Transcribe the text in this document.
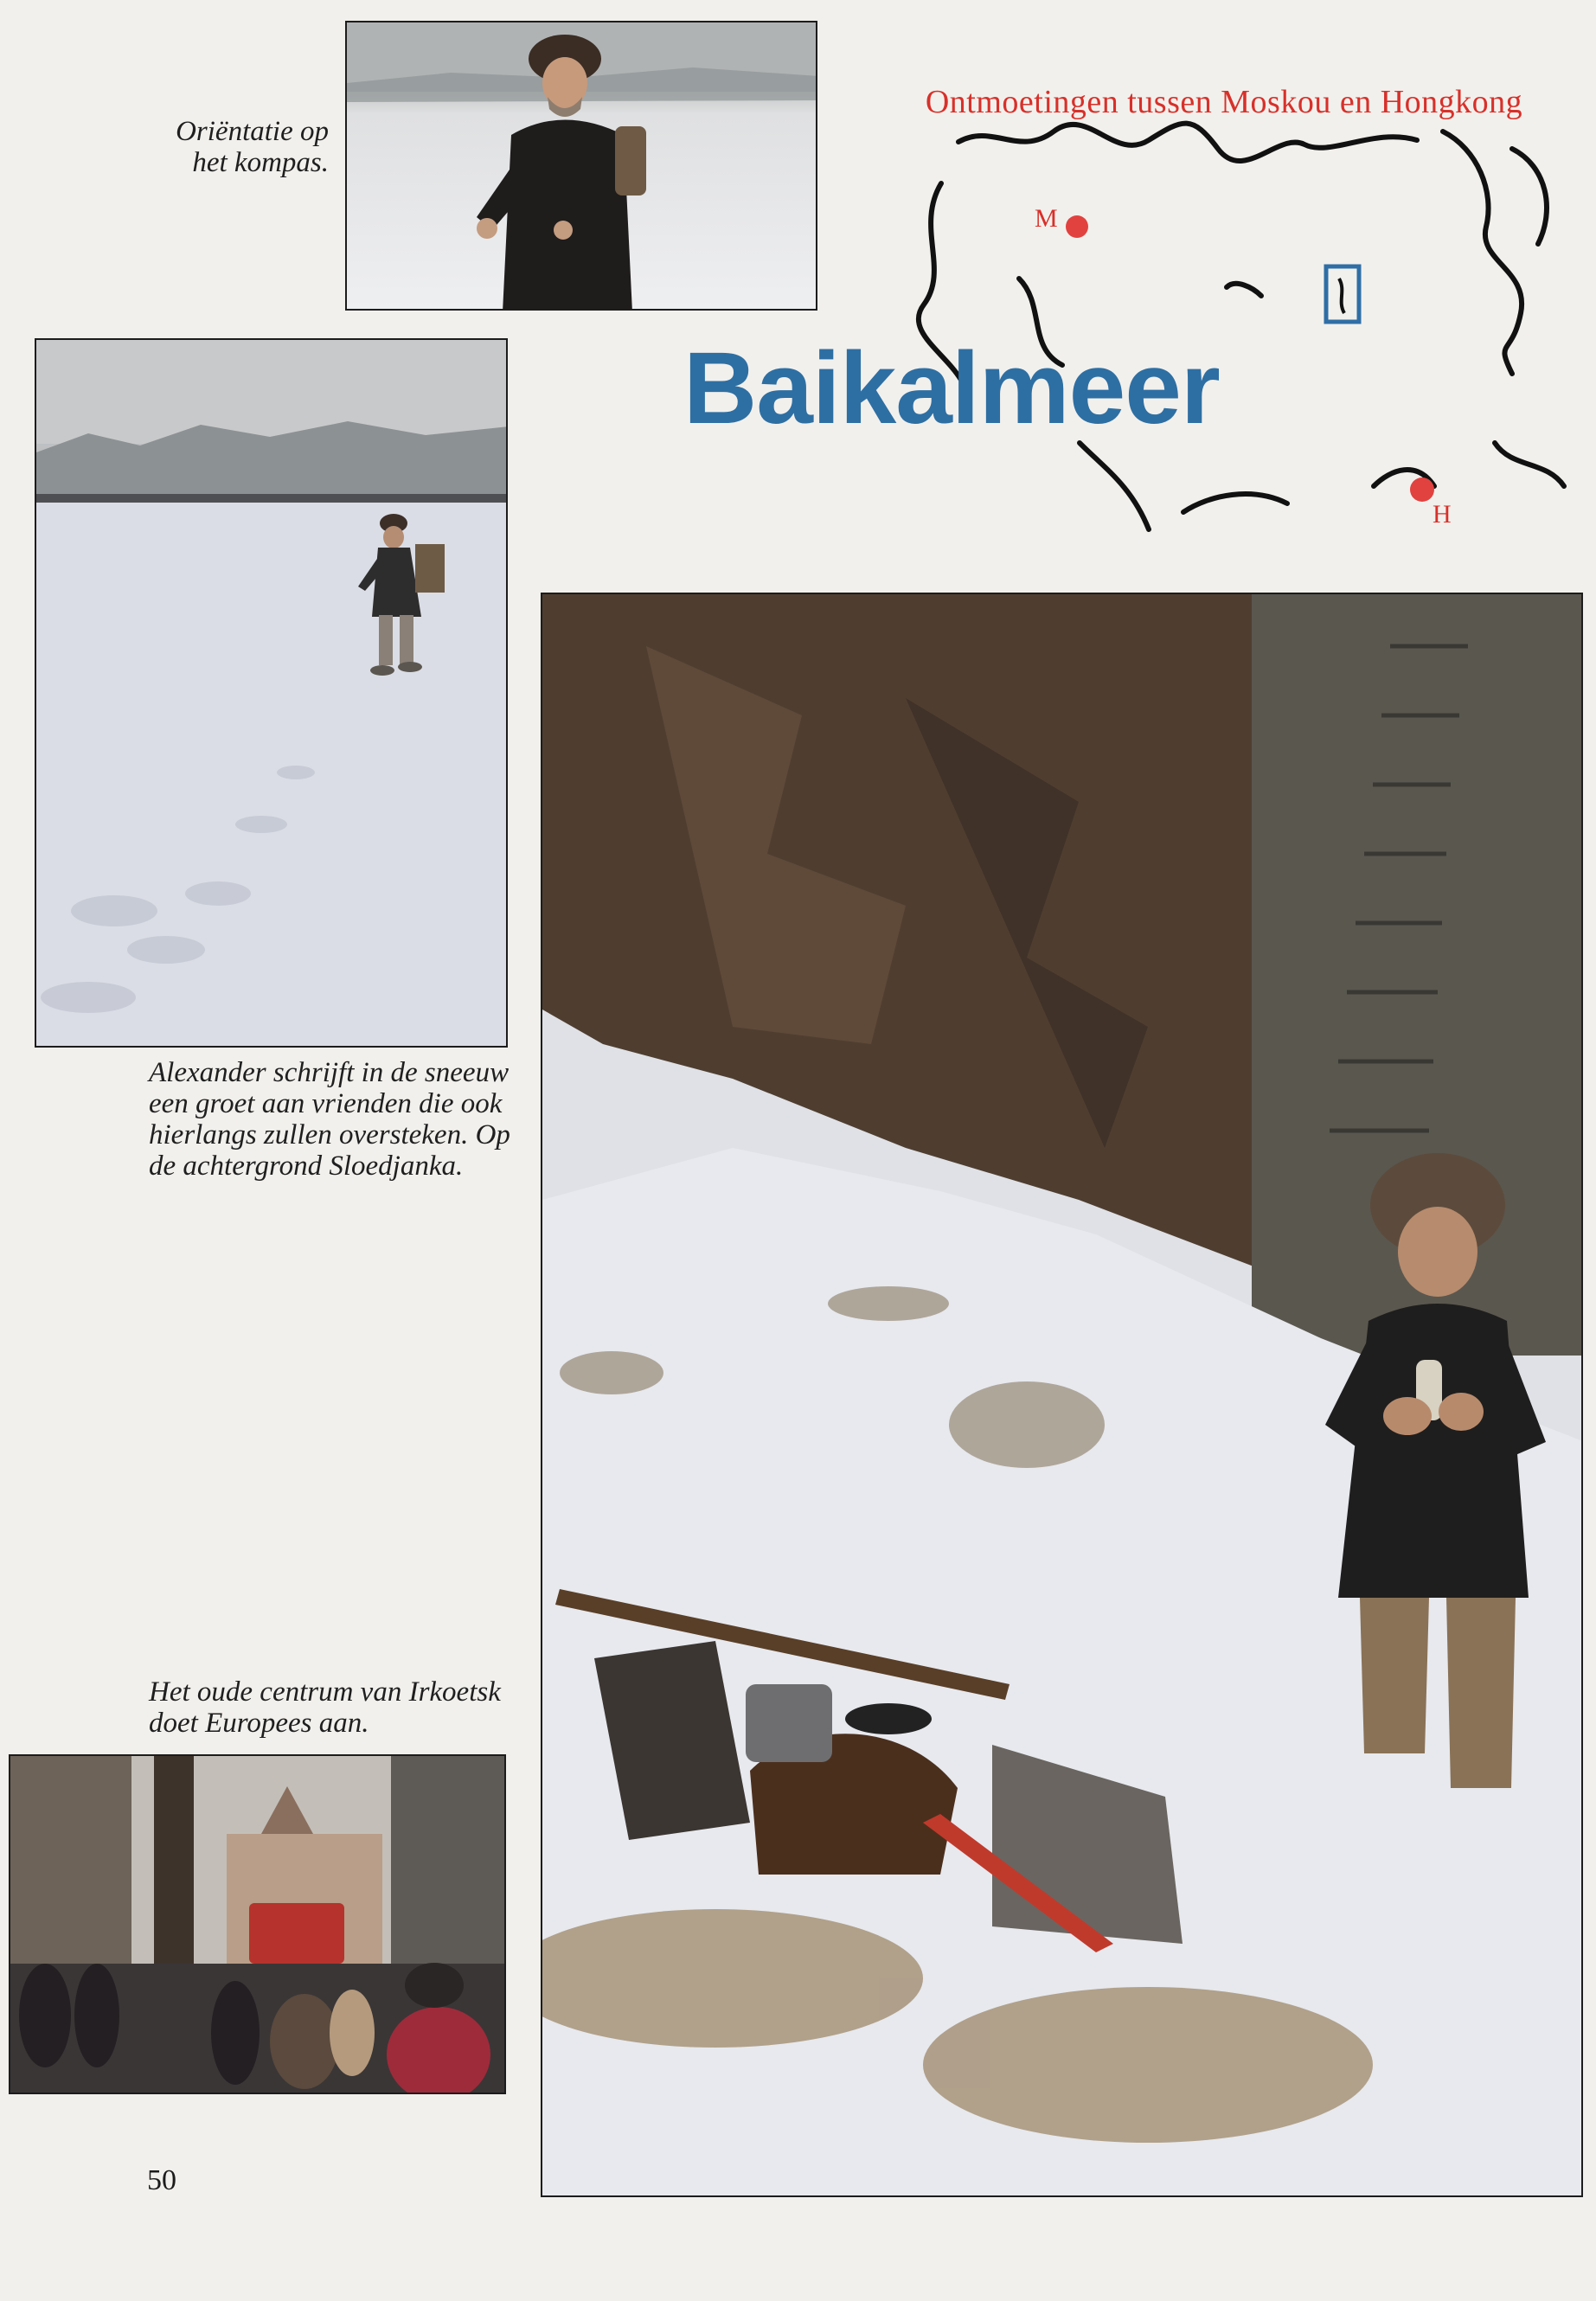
Oriëntatie op
het kompas.

Alexander schrijft in de sneeuw
een groet aan vrienden die ook
hierlangs zullen oversteken. Op
de achtergrond Sloedjanka.

Het oude centrum van Irkoetsk
doet Europees aan.

Ontmoetingen tussen Moskou en Hongkong
M
H
Baikalmeer
50
